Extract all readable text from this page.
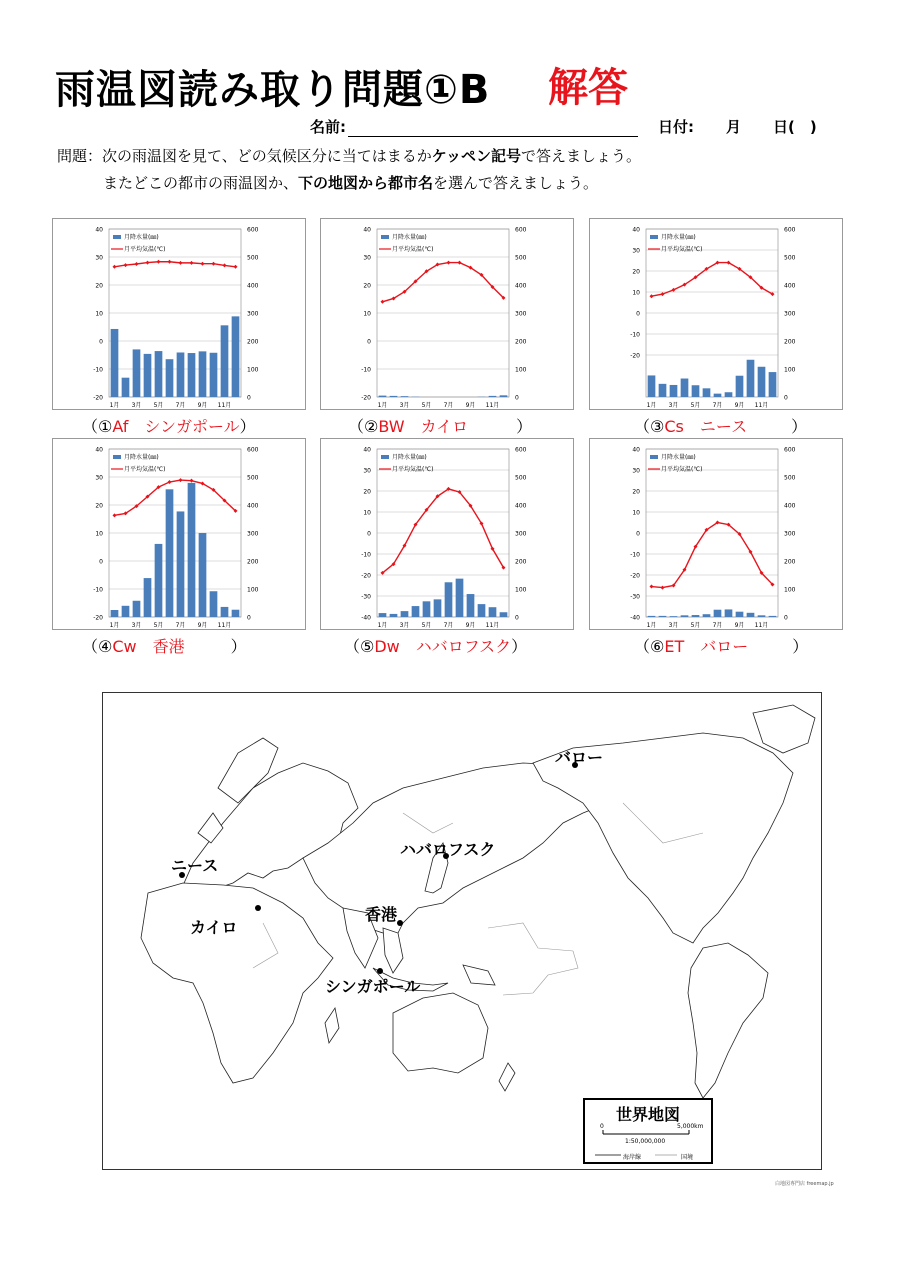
雨温図読み取り問題①B 解答
名前:	日付: 月 日(　)
問題：次の雨温図を見て、どの気候区分に当てはまるかケッペン記号で答えましょう。
またどこの都市の雨温図か、下の地図から都市名を選んで答えましょう。
40
30
20
10
0
-10
-20
600
500
400
300
200
100
0
1月 3月 5月 7月 9月 11月
月降水量(㎜)
月平均気温(℃)
40
30
20
10
0
-10
-20
600
500
400
300
200
100
0
1月 3月 5月 7月 9月 11月
月降水量(㎜)
月平均気温(℃)
40
30
20
10
0
-10
-20
600
500
400
300
200
100
0
1月 3月 5月 7月 9月 11月
月降水量(㎜)
月平均気温(℃)
40
30
20
10
0
-10
-20
600
500
400
300
200
100
0
1月 3月 5月 7月 9月 11月
月降水量(㎜)
月平均気温(℃)
40
30
20
10
0
-10
-20
-30
-40
600
500
400
300
200
100
0
1月 3月 5月 7月 9月 11月
月降水量(㎜)
月平均気温(℃)
40
30
20
10
0
-10
-20
-30
-40
600
500
400
300
200
100
0
1月 3月 5月 7月 9月 11月
月降水量(㎜)
月平均気温(℃)
（①Af　 シンガポール）	（②BW　 カイロ	）	（③Cs　 ニース	）
（④Cw　 香港	）	（⑤Dw　 ハバロフスク）	（⑥ET　 バロー	）
バロー
ハバロフスク
ニース
香港
カイロ
シンガポール
世界地図
0	5,000km
1:50,000,000
海岸線	国境
白地図専門店 freemap.jp
